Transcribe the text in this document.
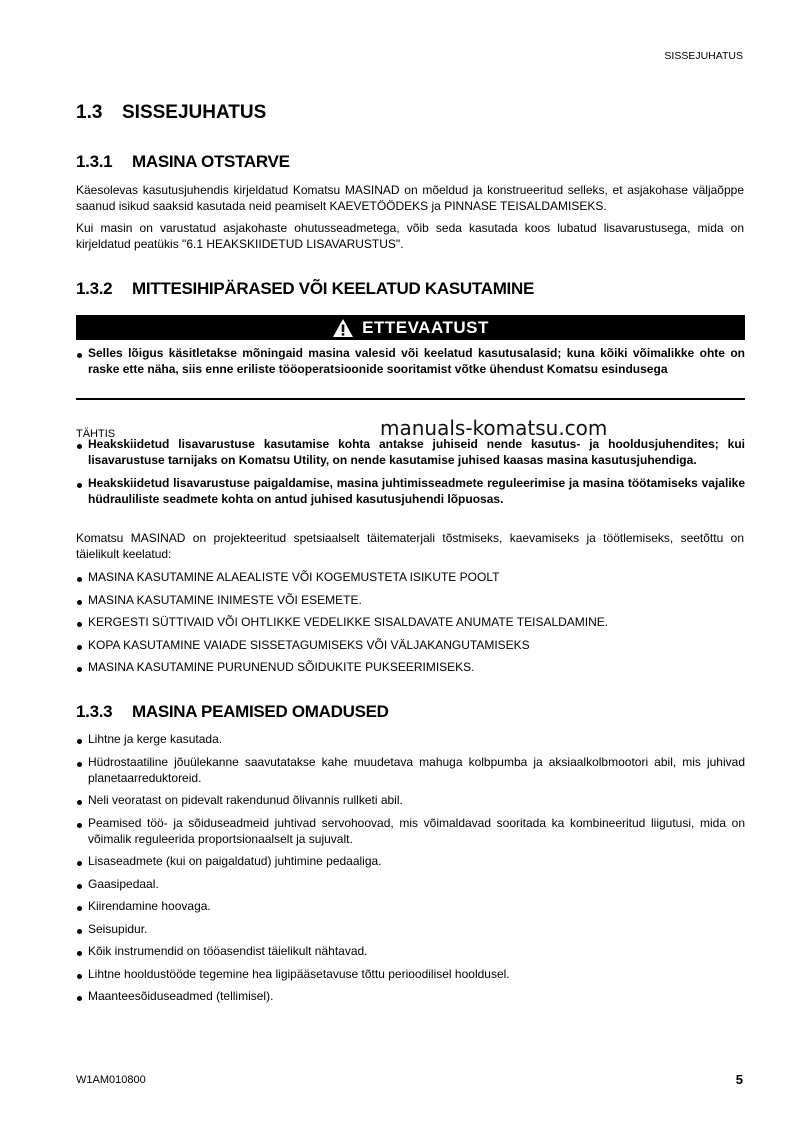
SISSEJUHATUS
1.3 SISSEJUHATUS
1.3.1 MASINA OTSTARVE
Käesolevas kasutusjuhendis kirjeldatud Komatsu MASINAD on mõeldud ja konstrueeritud selleks, et asjakohase väljaõppe saanud isikud saaksid kasutada neid peamiselt KAEVETÖÖDEKS ja PINNASE TEISALDAMISEKS.
Kui masin on varustatud asjakohaste ohutusseadmetega, võib seda kasutada koos lubatud lisavarustusega, mida on kirjeldatud peatükis "6.1 HEAKSKIIDETUD LISAVARUSTUS".
1.3.2 MITTESIHIPÄRASED VÕI KEELATUD KASUTAMINE
ETTEVAATUST
Selles lõigus käsitletakse mõningaid masina valesid või keelatud kasutusalasid; kuna kõiki võimalikke ohte on raske ette näha, siis enne eriliste tööoperatsioonide sooritamist võtke ühendust Komatsu esindusega
manuals-komatsu.com
TÄHTIS
Heakskiidetud lisavarustuse kasutamise kohta antakse juhiseid nende kasutus- ja hooldusjuhendites; kui lisavarustuse tarnijaks on Komatsu Utility, on nende kasutamise juhised kaasas masina kasutusjuhendiga.
Heakskiidetud lisavarustuse paigaldamise, masina juhtimisseadmete reguleerimise ja masina töötamiseks vajalike hüdrauliliste seadmete kohta on antud juhised kasutusjuhendi lõpuosas.
Komatsu MASINAD on projekteeritud spetsiaalselt täitematerjali tõstmiseks, kaevamiseks ja töötlemiseks, seetõttu on täielikult keelatud:
MASINA KASUTAMINE ALAEALISTE VÕI KOGEMUSTETA ISIKUTE POOLT
MASINA KASUTAMINE INIMESTE VÕI ESEMETE.
KERGESTI SÜTTIVAID VÕI OHTLIKKE VEDELIKKE SISALDAVATE ANUMATE TEISALDAMINE.
KOPA KASUTAMINE VAIADE SISSETAGUMISEKS VÕI VÄLJAKANGUTAMISEKS
MASINA KASUTAMINE PURUNENUD SÕIDUKITE PUKSEERIMISEKS.
1.3.3 MASINA PEAMISED OMADUSED
Lihtne ja kerge kasutada.
Hüdrostaatiline jõuülekanne saavutatakse kahe muudetava mahuga kolbpumba ja aksiaalkolbmootori abil, mis juhivad planetaarreduktoreid.
Neli veoratast on pidevalt rakendunud õlivannis rullketi abil.
Peamised töö- ja sõiduseadmeid juhtivad servohoovad, mis võimaldavad sooritada ka kombineeritud liigutusi, mida on võimalik reguleerida proportsionaalselt ja sujuvalt.
Lisaseadmete (kui on paigaldatud) juhtimine pedaaliga.
Gaasipedaal.
Kiirendamine hoovaga.
Seisupidur.
Kõik instrumendid on tööasendist täielikult nähtavad.
Lihtne hooldustööde tegemine hea ligipääsetavuse tõttu perioodilisel hooldusel.
Maanteesõiduseadmed (tellimisel).
W1AM010800	5
